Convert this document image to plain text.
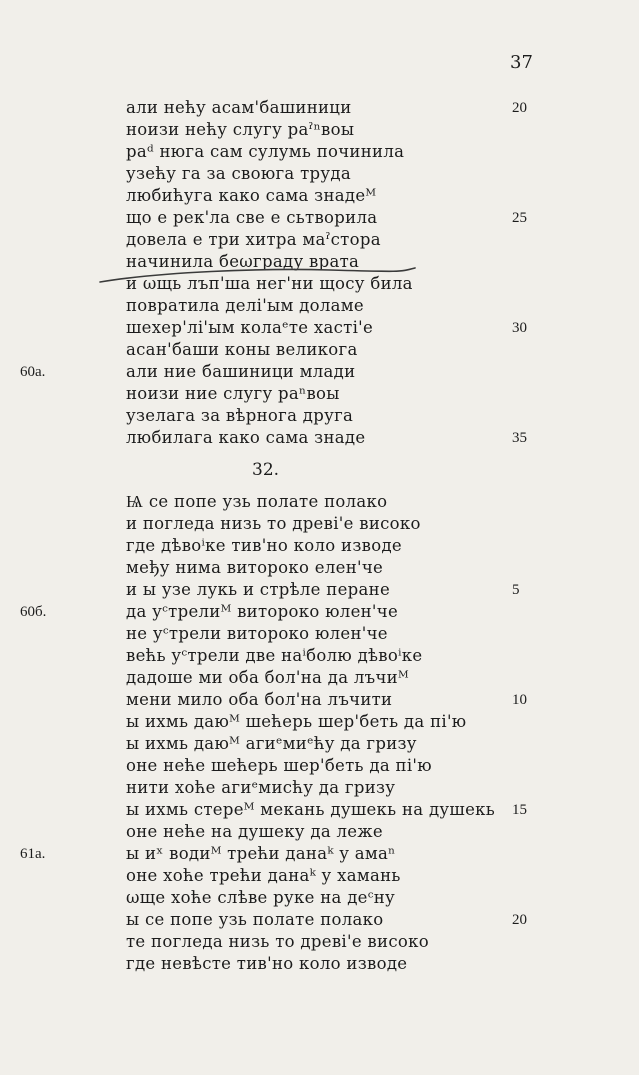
37
али нећу асам'башиници
ноизи нећу слугу раˀⁿвоы
раᵈ нюга сам сулумь починила
узећу га за своюга труда
любићуга како сама знадеᴹ
що е рек'ла све е сьтворила
довела е три хитра маˀстора
начинила беωграду врата
и ωщь лъп'ша нег'ни щосу била
повратила делі'ыᴍ доламе
шехер'лі'ыᴍ колаᵉте хасті'е
асан'баши коны великога
али ние башиници млади
ноизи ние слугу раⁿвоы
узелага за вѣрнога друга
любилага како сама знаде
20
25
30
35
60а.
32.
Ѩ се попе узь полате полако
и погледа низь то древі'е високо
где дѣвоⁱке тив'но коло изводе
међу нима витороко елен'че
и ы узе лукь и стрѣле перане
да уᶜтрелиᴹ витороко юлен'че
не уᶜтрели витороко юлен'че
већь уᶜтрели две наⁱболю дѣвоⁱке
дадоше ми оба бол'на да лъчиᴹ
мени мило оба бол'на лъчити
ы ихмь даюᴹ шећерь шер'беть да пі'ю
ы ихмь даюᴹ агиᵉмиᵉћу да гризу
оне неће шећерь шер'беть да пі'ю
нити хоће агиᵉмисћу да гризу
ы ихмь стереᴹ мекань душекь на душекь
оне неће на душеку да леже
ы иˣ водиᴹ трећи данаᵏ у амаⁿ
оне хоће трећи данаᵏ у хамань
ωще хоће слѣве руке на деᶜну
ы се попе узь полате полако
те погледа низь то древі'е високо
где невѣсте тив'но коло изводе
5
10
15
20
60б.
61а.
